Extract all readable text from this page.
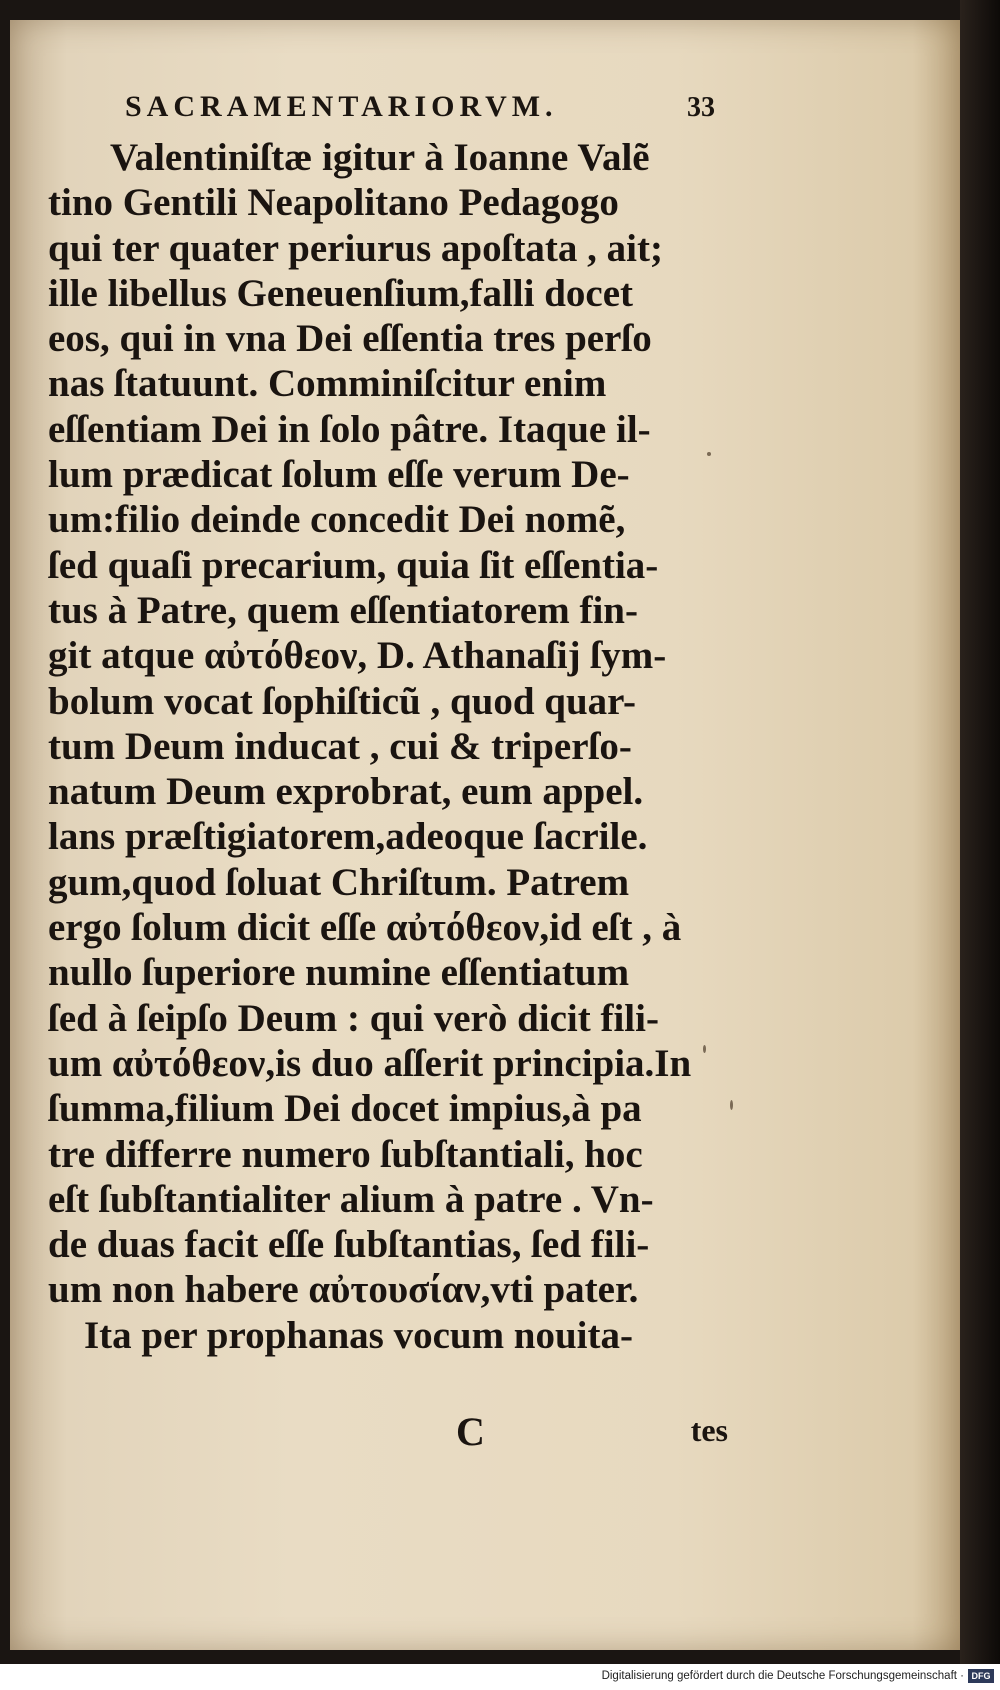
SACRAMENTARIORVM.	33
Valentiniſtæ igitur à Ioanne Valẽ
tino Gentili Neapolitano Pedagogo
qui ter quater periurus apoſtata , ait;
ille libellus Geneuenſium,falli docet
eos, qui in vna Dei eſſentia tres perſo
nas ſtatuunt. Comminiſcitur enim
eſſentiam Dei in ſolo pâtre. Itaque il-
lum prædicat ſolum eſſe verum De-
um:filio deinde concedit Dei nomẽ,
ſed quaſi precarium, quia ſit eſſentia-
tus à Patre, quem eſſentiatorem fin-
git atque αὐτόθεον, D. Athanaſij ſym-
bolum vocat ſophiſticũ , quod quar-
tum Deum inducat , cui & triperſo-
natum Deum exprobrat, eum appel.
lans præſtigiatorem,adeoque ſacrile.
gum,quod ſoluat Chriſtum. Patrem
ergo ſolum dicit eſſe αὐτόθεον,id eſt , à
nullo ſuperiore numine eſſentiatum
ſed à ſeipſo Deum : qui verò dicit fili-
um αὐτόθεον,is duo aſſerit principia.In
ſumma,filium Dei docet impius,à pa
tre differre numero ſubſtantiali, hoc
eſt ſubſtantialiter alium à patre . Vn-
de duas facit eſſe ſubſtantias, ſed fili-
um non habere αὐτουσίαν,vti pater.
Ita per prophanas vocum nouita-
C	tes
Digitalisierung gefördert durch die Deutsche Forschungsgemeinschaft · DFG
